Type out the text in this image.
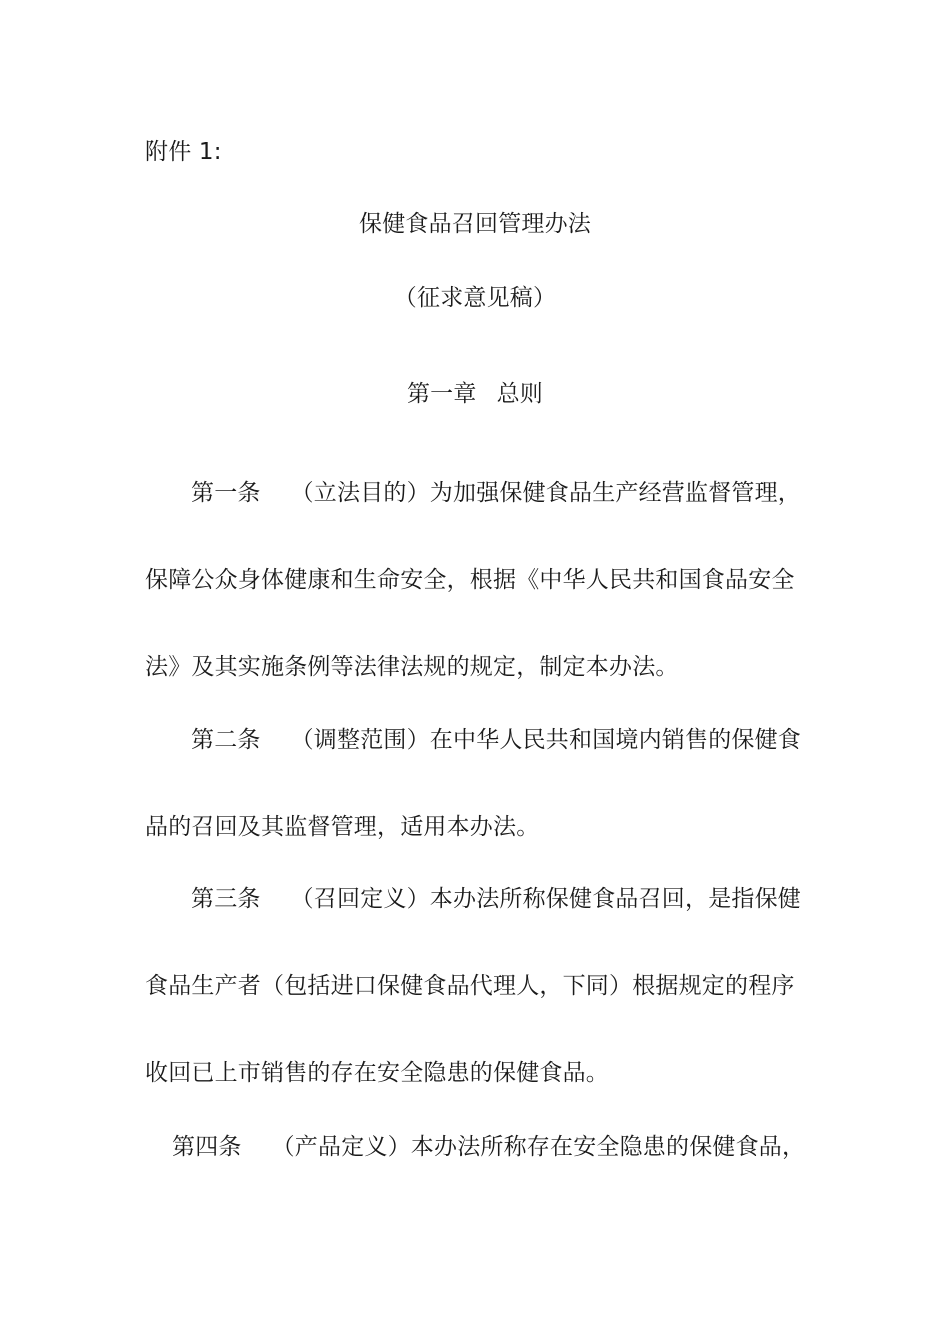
附件 1:
保健食品召回管理办法
（征求意见稿）
第一章 总则
第一条 （立法目的）为加强保健食品生产经营监督管理，
保障公众身体健康和生命安全，根据《中华人民共和国食品安全
法》及其实施条例等法律法规的规定，制定本办法。
第二条 （调整范围）在中华人民共和国境内销售的保健食
品的召回及其监督管理，适用本办法。
第三条 （召回定义）本办法所称保健食品召回，是指保健
食品生产者（包括进口保健食品代理人，下同）根据规定的程序
收回已上市销售的存在安全隐患的保健食品。
第四条 （产品定义）本办法所称存在安全隐患的保健食品，
